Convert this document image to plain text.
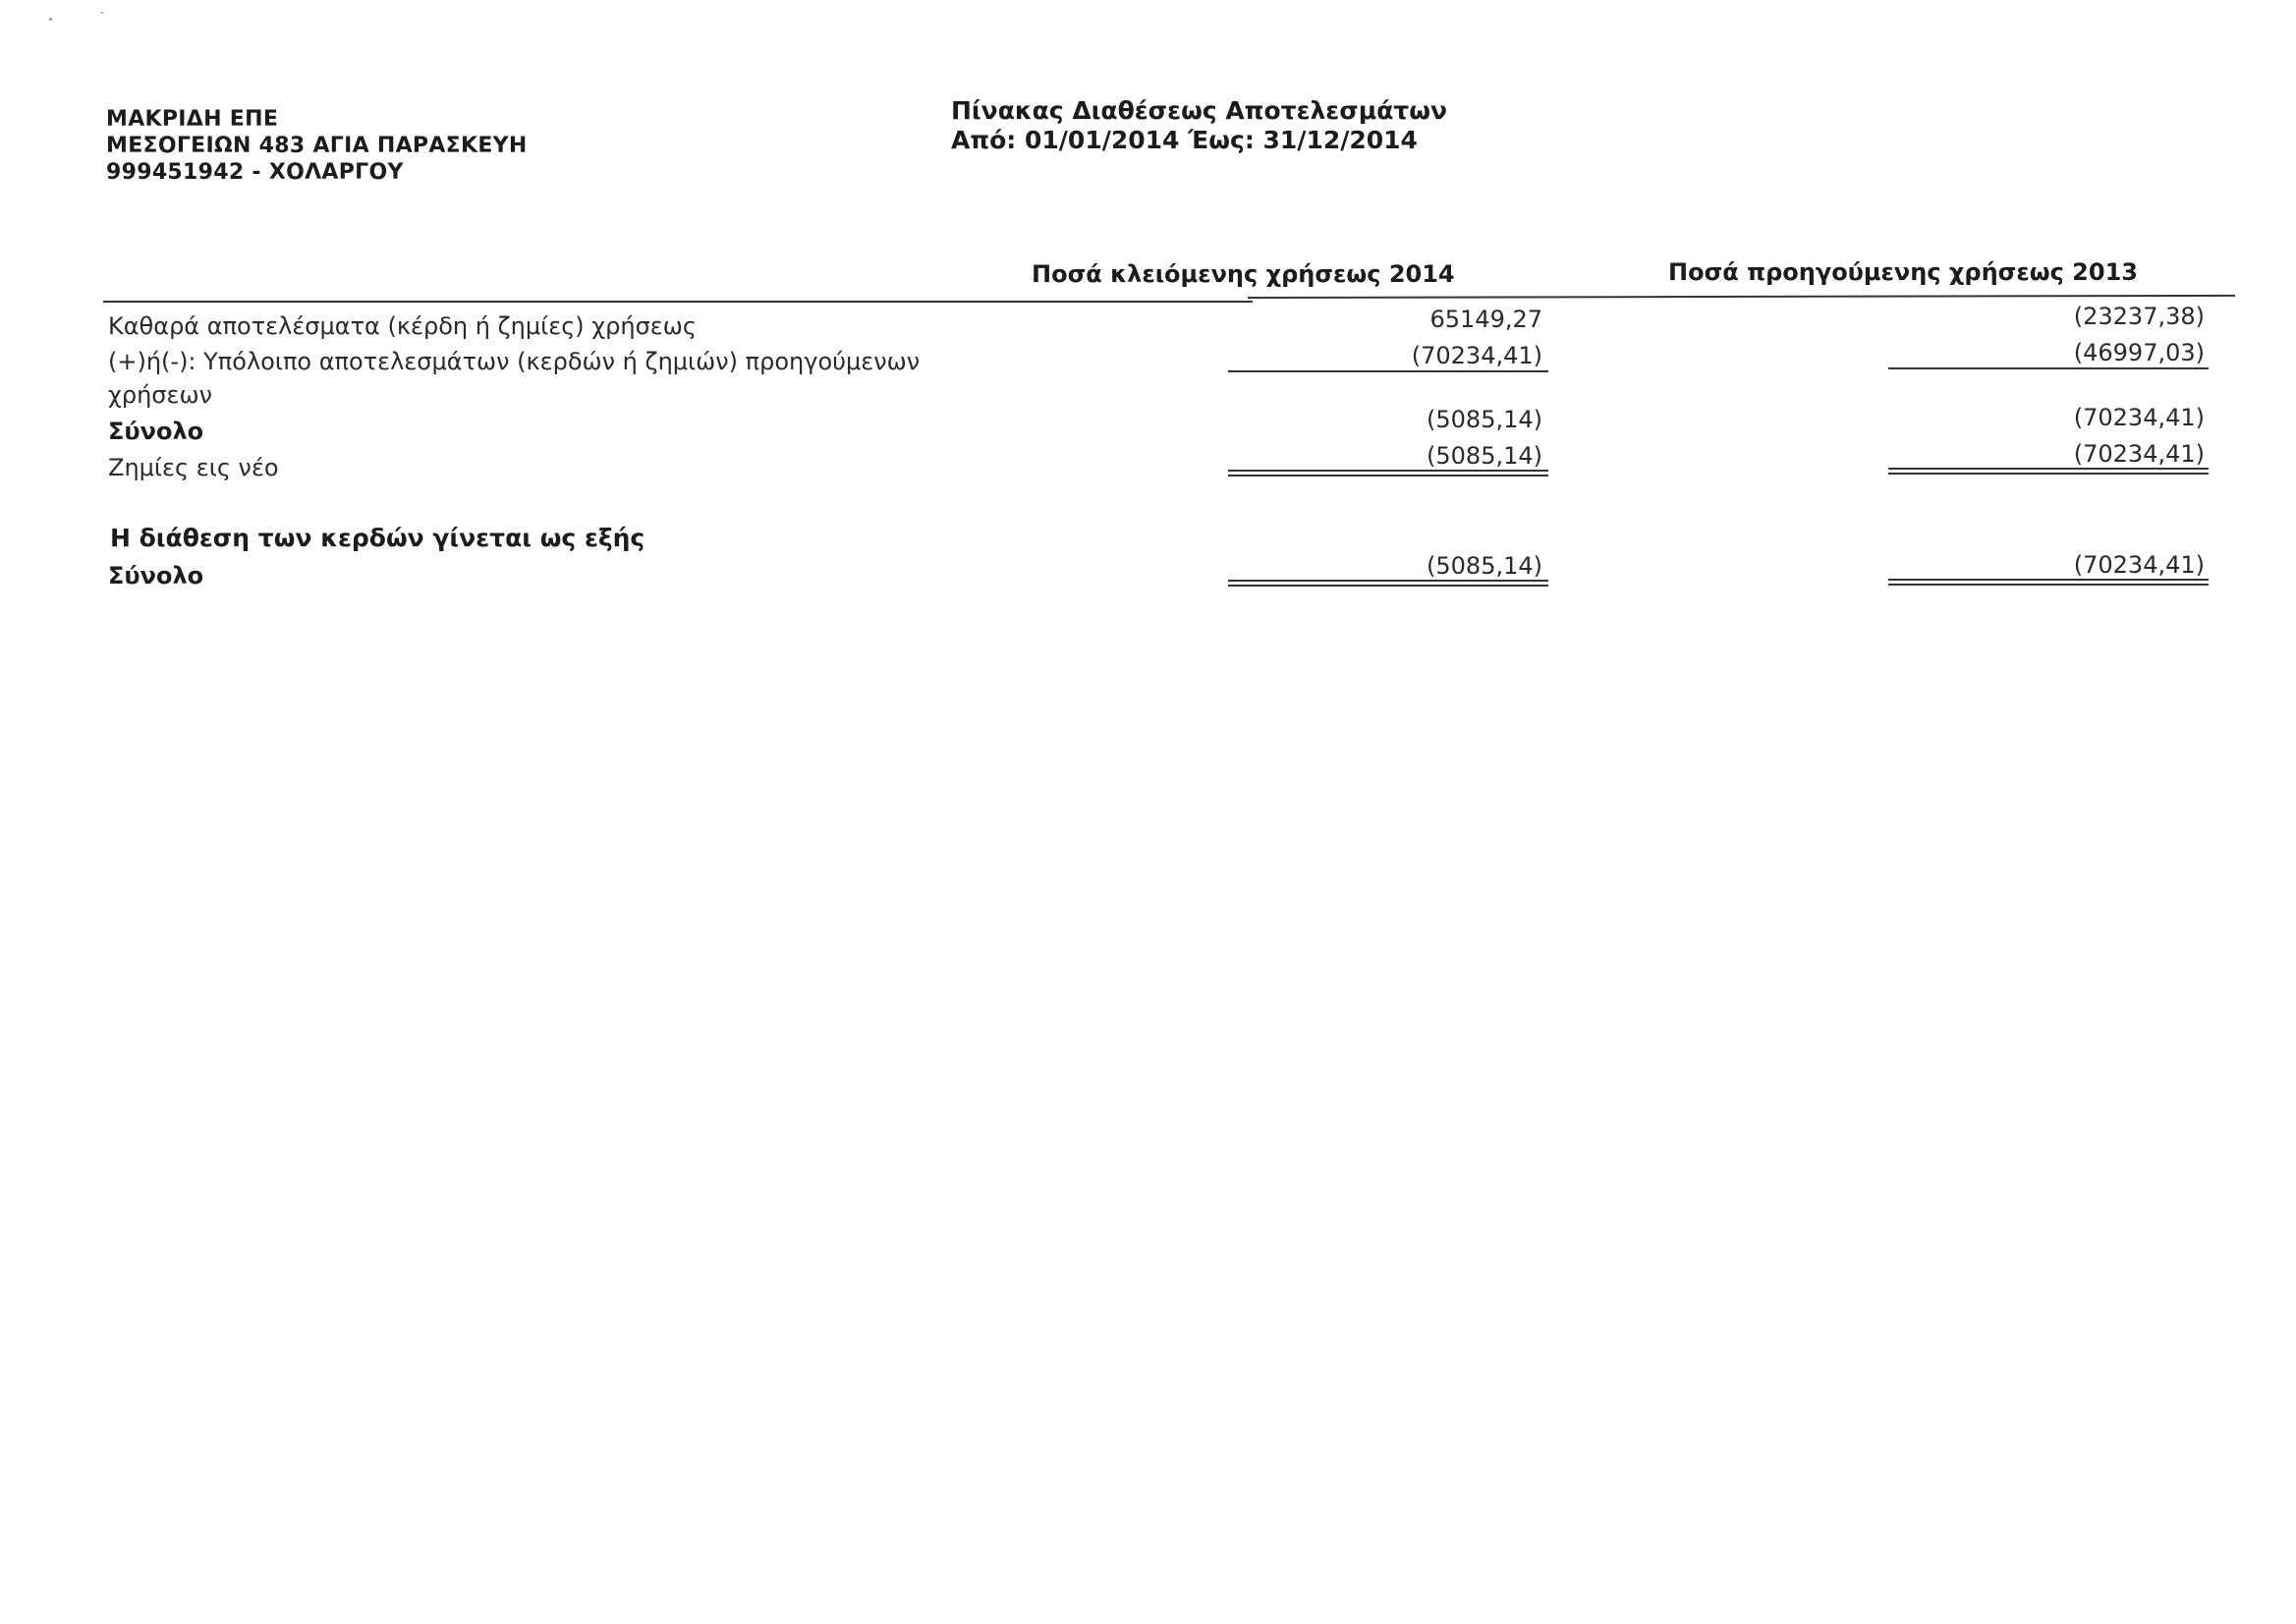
ΜΑΚΡΙΔΗ ΕΠΕ
ΜΕΣΟΓΕΙΩΝ 483 ΑΓΙΑ ΠΑΡΑΣΚΕΥΗ
999451942 - ΧΟΛΑΡΓΟΥ
Πίνακας Διαθέσεως Αποτελεσμάτων
Από: 01/01/2014 Έως: 31/12/2014
Ποσά κλειόμενης χρήσεως 2014	Ποσά προηγούμενης χρήσεως 2013
Καθαρά αποτελέσματα (κέρδη ή ζημίες) χρήσεως	65149,27	(23237,38)
(+)ή(-): Υπόλοιπο αποτελεσμάτων (κερδών ή ζημιών) προηγούμενων
χρήσεων
(70234,41)	(46997,03)
Σύνολο	(5085,14)	(70234,41)
Ζημίες εις νέο	(5085,14)	(70234,41)
Η διάθεση των κερδών γίνεται ως εξής
Σύνολο	(5085,14)	(70234,41)
